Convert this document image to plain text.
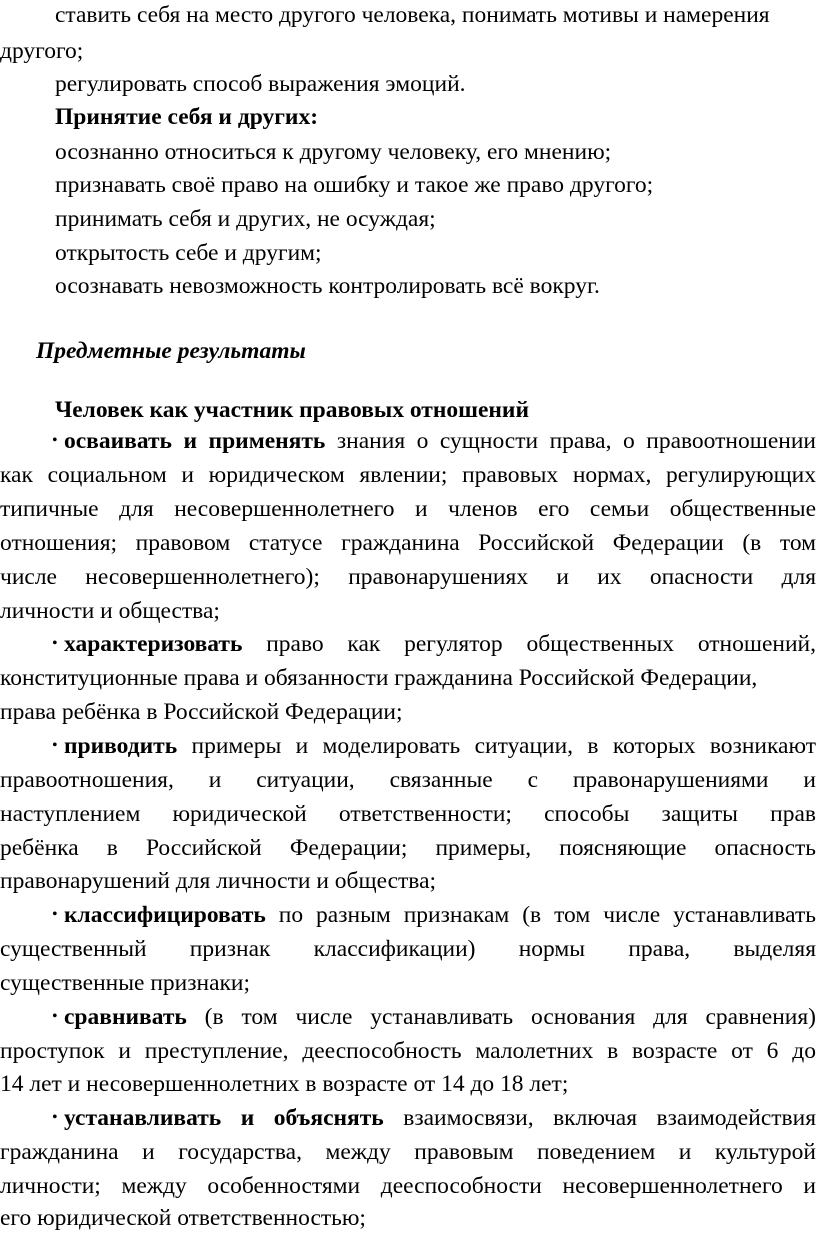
ставить себя на место другого человека, понимать мотивы и намерения
другого;
регулировать способ выражения эмоций.
Принятие себя и других:
осознанно относиться к другому человеку, его мнению;
признавать своё право на ошибку и такое же право другого;
принимать себя и других, не осуждая;
открытость себе и другим;
осознавать невозможность контролировать всё вокруг.
Предметные результаты
Человек как участник правовых отношений
• осваивать и применять знания о сущности права, о правоотношении
как социальном и юридическом явлении; правовых нормах, регулирующих
типичные для несовершеннолетнего и членов его семьи общественные
отношения; правовом статусе гражданина Российской Федерации (в том
числе несовершеннолетнего); правонарушениях и их опасности для
личности и общества;
• характеризовать право как регулятор общественных отношений,
конституционные права и обязанности гражданина Российской Федерации,
права ребёнка в Российской Федерации;
• приводить примеры и моделировать ситуации, в которых возникают
правоотношения, и ситуации, связанные с правонарушениями и
наступлением юридической ответственности; способы защиты прав
ребёнка в Российской Федерации; примеры, поясняющие опасность
правонарушений для личности и общества;
• классифицировать по разным признакам (в том числе устанавливать
существенный признак классификации) нормы права, выделяя
существенные признаки;
• сравнивать (в том числе устанавливать основания для сравнения)
проступок и преступление, дееспособность малолетних в возрасте от 6 до
14 лет и несовершеннолетних в возрасте от 14 до 18 лет;
• устанавливать и объяснять взаимосвязи, включая взаимодействия
гражданина и государства, между правовым поведением и культурой
личности; между особенностями дееспособности несовершеннолетнего и
его юридической ответственностью;
